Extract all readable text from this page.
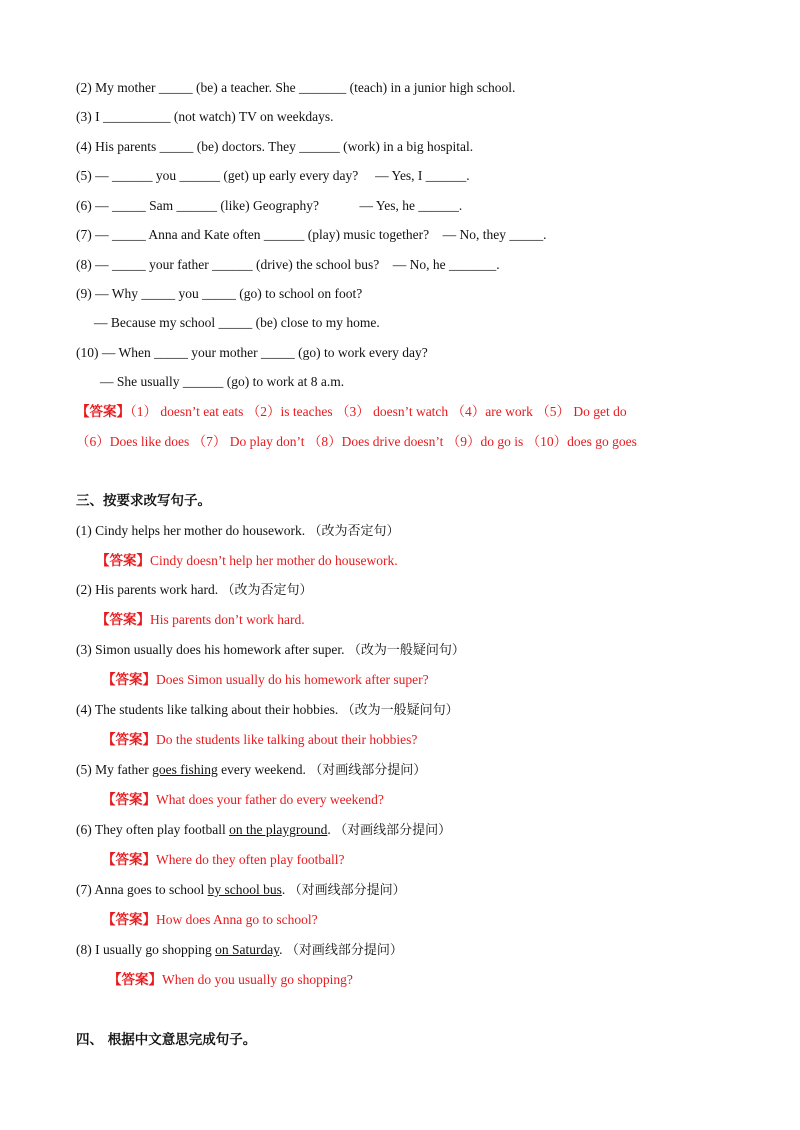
(2) My mother _____ (be) a teacher. She _______ (teach) in a junior high school.
(3) I __________ (not watch) TV on weekdays.
(4) His parents _____ (be) doctors. They ______ (work) in a big hospital.
(5) — ______ you ______ (get) up early every day?　 — Yes, I ______.
(6) — _____ Sam ______ (like) Geography?　　　— Yes, he ______.
(7) — _____ Anna and Kate often ______ (play) music together?　— No, they _____.
(8) — _____ your father ______ (drive) the school bus?　— No, he _______.
(9) — Why _____ you _____ (go) to school on foot?
— Because my school _____ (be) close to my home.
(10) — When _____ your mother _____ (go) to work every day?
— She usually ______ (go) to work at 8 a.m.
【答案】（1） doesn’t eat eats （2）is teaches （3） doesn’t watch （4）are work （5） Do get do
（6）Does like does （7） Do play don’t （8）Does drive doesn’t （9）do go is （10）does go goes
三、按要求改写句子。
(1) Cindy helps her mother do housework. （改为否定句）
【答案】Cindy doesn’t help her mother do housework.
(2) His parents work hard. （改为否定句）
【答案】His parents don’t work hard.
(3) Simon usually does his homework after super. （改为一般疑问句）
【答案】Does Simon usually do his homework after super?
(4) The students like talking about their hobbies. （改为一般疑问句）
【答案】Do the students like talking about their hobbies?
(5) My father goes fishing every weekend. （对画线部分提问）
【答案】What does your father do every weekend?
(6) They often play football on the playground. （对画线部分提问）
【答案】Where do they often play football?
(7) Anna goes to school by school bus. （对画线部分提问）
【答案】How does Anna go to school?
(8) I usually go shopping on Saturday. （对画线部分提问）
【答案】When do you usually go shopping?
四、 根据中文意思完成句子。
